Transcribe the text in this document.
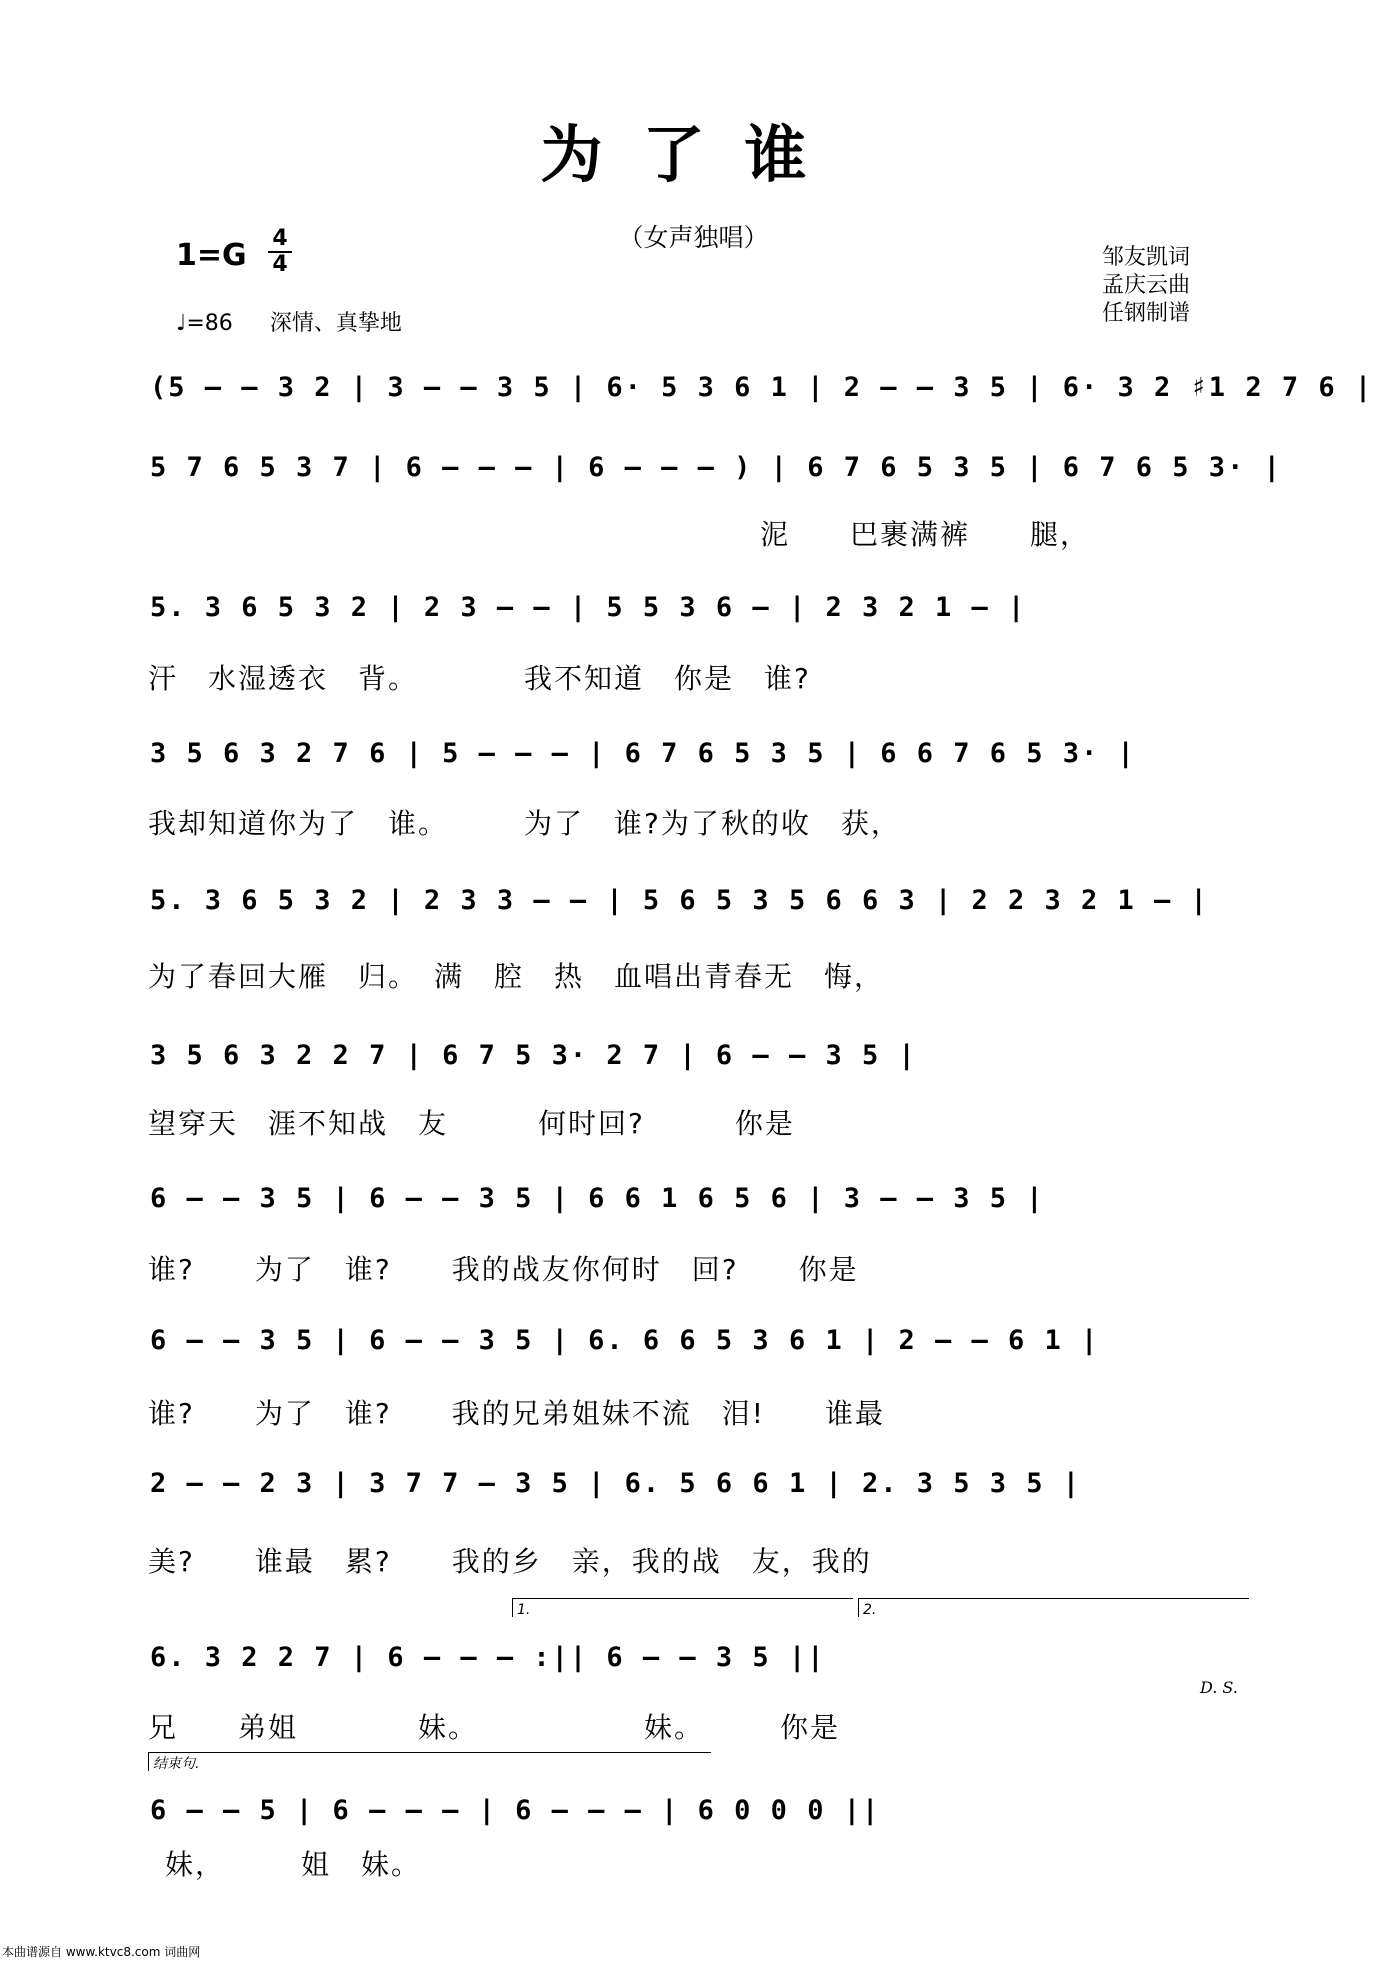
为了谁
（女声独唱）
1=G 4
4
♩=86 深情、真挚地
邹友凯词
孟庆云曲
任钢制谱
(5 – – 3 2 | 3 – – 3 5 | 6· 5 3 6 1 | 2 – – 3 5 | 6· 3 2 ♯1 2 7 6 |
5 7 6 5 3 7 | 6 – – – | 6 – – – ) | 6 7 6 5 3 5 | 6 7 6 5 3· |
泥　　巴裹满裤　　腿，
5. 3 6 5 3 2 | 2 3 – – | 5 5 3 6 – | 2 3 2 1 – |
汗　水湿透衣　背。　　　　我不知道　你是　谁?
3 5 6 3 2 7 6 | 5 – – – | 6 7 6 5 3 5 | 6 6 7 6 5 3· |
我却知道你为了　谁。　　　为了　谁?为了秋的收　获，
5. 3 6 5 3 2 | 2 3 3 – – | 5 6 5 3 5 6 6 3 | 2 2 3 2 1 – |
为了春回大雁　归。　满　腔　热　血唱出青春无　悔，
3 5 6 3 2 2 7 | 6 7 5 3· 2 7 | 6 – – 3 5 |
望穿天　涯不知战　友　　　何时回?　　　你是
6 – – 3 5 | 6 – – 3 5 | 6 6 1 6 5 6 | 3 – – 3 5 |
谁?　　为了　谁?　　我的战友你何时　回?　　你是
6 – – 3 5 | 6 – – 3 5 | 6. 6 6 5 3 6 1 | 2 – – 6 1 |
谁?　　为了　谁?　　我的兄弟姐妹不流　泪!　　谁最
2 – – 2 3 | 3 7 7 – 3 5 | 6. 5 6 6 1 | 2. 3 5 3 5 |
美?　　谁最　累?　　我的乡　亲，我的战　友，我的
6. 3 2 2 7 | 6 – – – :|| 6 – – 3 5 ||
兄　　弟姐　　　　妹。　　　　　　妹。　　　你是
6 – – 5 | 6 – – – | 6 – – – | 6 0 0 0 ||
妹，　　　姐　妹。
1.	2.
D. S.
结束句.
本曲谱源自 www.ktvc8.com 词曲网
